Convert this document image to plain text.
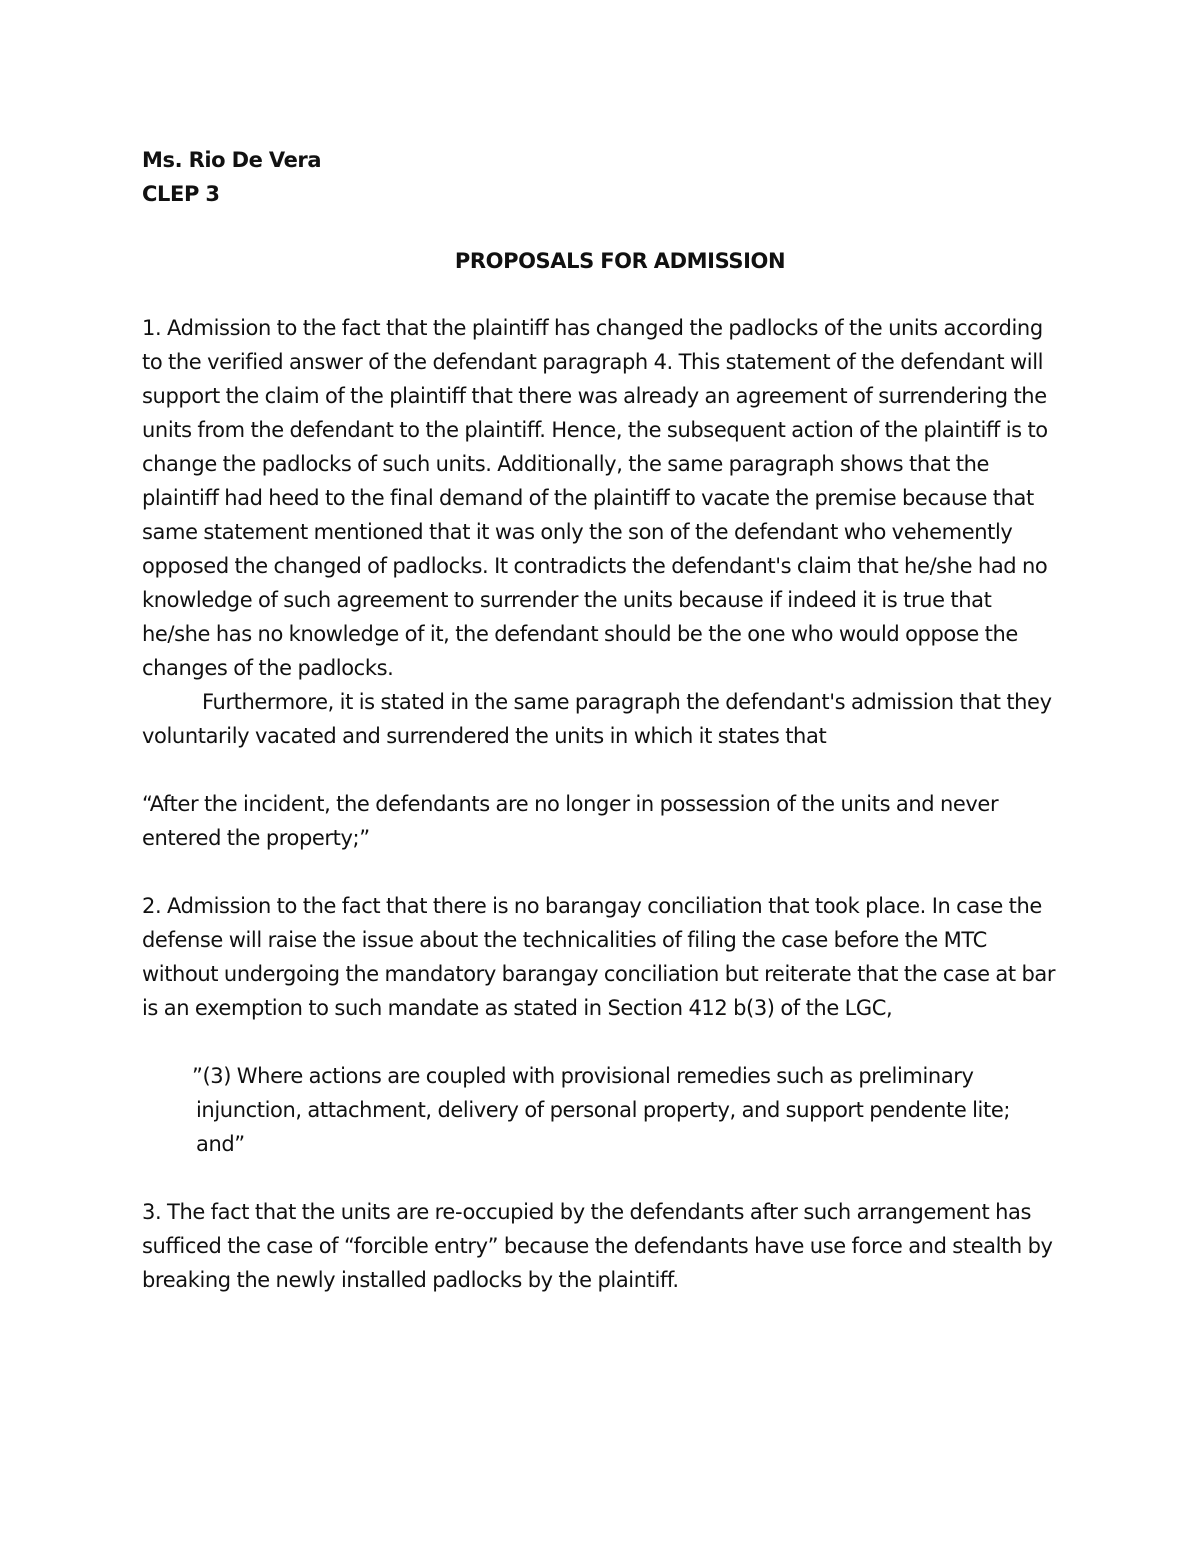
Ms. Rio De Vera

CLEP 3

PROPOSALS FOR ADMISSION

1. Admission to the fact that the plaintiff has changed the padlocks of the units according to the verified answer of the defendant paragraph 4. This statement of the defendant will support the claim of the plaintiff that there was already an agreement of surrendering the units from the defendant to the plaintiff. Hence, the subsequent action of the plaintiff is to change the padlocks of such units. Additionally, the same paragraph shows that the plaintiff had heed to the final demand of the plaintiff to vacate the premise because that same statement mentioned that it was only the son of the defendant who vehemently opposed the changed of padlocks. It contradicts the defendant's claim that he/she had no knowledge of such agreement to surrender the units because if indeed it is true that he/she has no knowledge of it, the defendant should be the one who would oppose the changes of the padlocks.

Furthermore, it is stated in the same paragraph the defendant's admission that they voluntarily vacated and surrendered the units in which it states that

“After the incident, the defendants are no longer in possession of the units and never entered the property;”

2. Admission to the fact that there is no barangay conciliation that took place. In case the defense will raise the issue about the technicalities of filing the case before the MTC without undergoing the mandatory barangay conciliation but reiterate that the case at bar is an exemption to such mandate as stated in Section 412 b(3) of the LGC,

”(3) Where actions are coupled with provisional remedies such as preliminary injunction, attachment, delivery of personal property, and support pendente lite; and”

3. The fact that the units are re-occupied by the defendants after such arrangement has sufficed the case of “forcible entry” because the defendants have use force and stealth by breaking the newly installed padlocks by the plaintiff.
